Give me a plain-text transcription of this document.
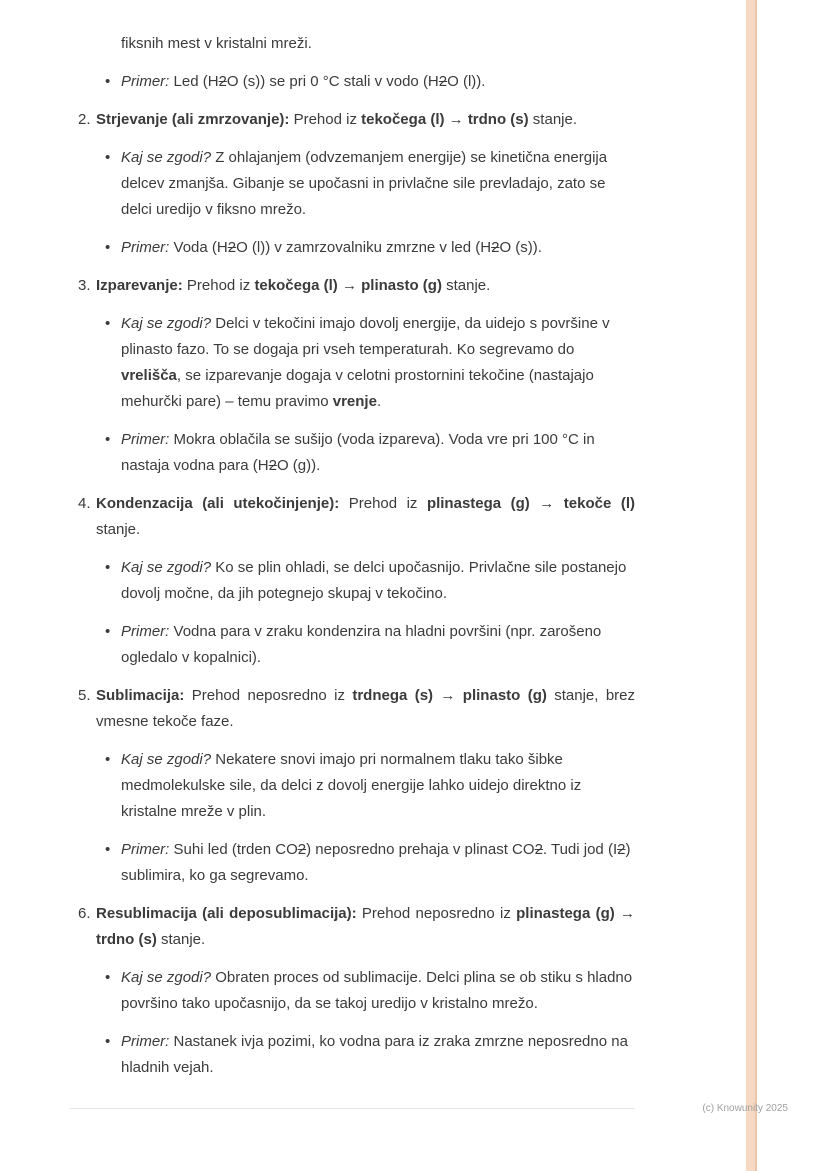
fiksnih mest v kristalni mreži.
• Primer: Led (H2O (s)) se pri 0 °C stali v vodo (H2O (l)).
2. Strjevanje (ali zmrzovanje): Prehod iz tekočega (l) → trdno (s) stanje.
• Kaj se zgodi? Z ohlajanjem (odvzemanjem energije) se kinetična energija delcev zmanjša. Gibanje se upočasni in privlačne sile prevladajo, zato se delci uredijo v fiksno mrežo.
• Primer: Voda (H2O (l)) v zamrzovalniku zmrzne v led (H2O (s)).
3. Izparevanje: Prehod iz tekočega (l) → plinasto (g) stanje.
• Kaj se zgodi? Delci v tekočini imajo dovolj energije, da uidejo s površine v plinasto fazo. To se dogaja pri vseh temperaturah. Ko segrevamo do vrelišča, se izparevanje dogaja v celotni prostornini tekočine (nastajajo mehurčki pare) – temu pravimo vrenje.
• Primer: Mokra oblačila se sušijo (voda izpareva). Voda vre pri 100 °C in nastaja vodna para (H2O (g)).
4. Kondenzacija (ali utekočinjenje): Prehod iz plinastega (g) → tekoče (l) stanje.
• Kaj se zgodi? Ko se plin ohladi, se delci upočasnijo. Privlačne sile postanejo dovolj močne, da jih potegnejo skupaj v tekočino.
• Primer: Vodna para v zraku kondenzira na hladni površini (npr. zarošeno ogledalo v kopalnici).
5. Sublimacija: Prehod neposredno iz trdnega (s) → plinasto (g) stanje, brez vmesne tekoče faze.
• Kaj se zgodi? Nekatere snovi imajo pri normalnem tlaku tako šibke medmolekulske sile, da delci z dovolj energije lahko uidejo direktno iz kristalne mreže v plin.
• Primer: Suhi led (trden CO2) neposredno prehaja v plinast CO2. Tudi jod (I2) sublimira, ko ga segrevamo.
6. Resublimacija (ali deposublimacija): Prehod neposredno iz plinastega (g) → trdno (s) stanje.
• Kaj se zgodi? Obraten proces od sublimacije. Delci plina se ob stiku s hladno površino tako upočasnijo, da se takoj uredijo v kristalno mrežo.
• Primer: Nastanek ivja pozimi, ko vodna para iz zraka zmrzne neposredno na hladnih vejah.
(c) Knowunity 2025
